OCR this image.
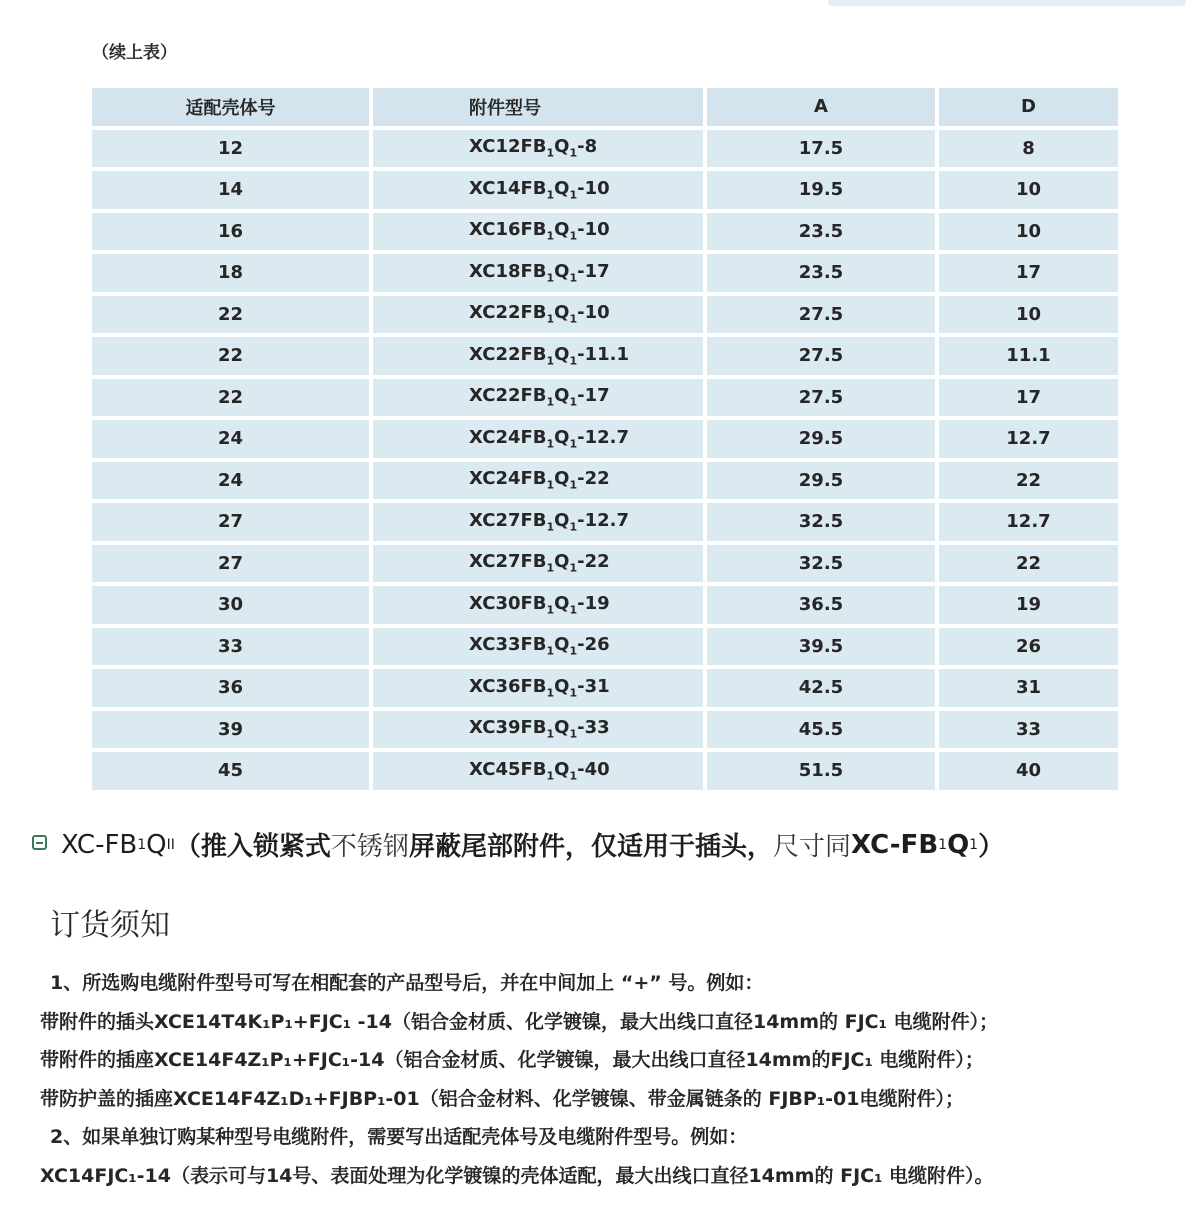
（续上表）
适配壳体号	附件型号	A	D
12	$XC12FB_1Q_1-8$	17.5	8
14	$XC14FB_1Q_1-10$	19.5	10
16	$XC16FB_1Q_1-10$	23.5	10
18	$XC18FB_1Q_1-17$	23.5	17
22	$XC22FB_1Q_1-10$	27.5	10
22	$XC22FB_1Q_1-11.1$	27.5	11.1
22	$XC22FB_1Q_1-17$	27.5	17
24	$XC24FB_1Q_1-12.7$	29.5	12.7
24	$XC24FB_1Q_1-22$	29.5	22
27	$XC27FB_1Q_1-12.7$	32.5	12.7
27	$XC27FB_1Q_1-22$	32.5	22
30	$XC30FB_1Q_1-19$	36.5	19
33	$XC33FB_1Q_1-26$	39.5	26
36	$XC36FB_1Q_1-31$	42.5	31
39	$XC39FB_1Q_1-33$	45.5	33
45	$XC45FB_1Q_1-40$	51.5	40
XC-FB 1 Q II （推入锁紧式 不锈钢 屏蔽尾部附件，仅适用于插头， 尺寸同 XC-FB 1 Q 1 ）
订货须知
1、所选购电缆附件型号可写在相配套的产品型号后，并在中间加上 “+” 号。例如：
带附件的插头XCE14T4K₁P₁+FJC₁ -14（铝合金材质、化学镀镍，最大出线口直径14mm的 FJC₁ 电缆附件）；
带附件的插座XCE14F4Z₁P₁+FJC₁-14（铝合金材质、化学镀镍，最大出线口直径14mm的FJC₁ 电缆附件）；
带防护盖的插座XCE14F4Z₁D₁+FJBP₁-01（铝合金材料、化学镀镍、带金属链条的 FJBP₁-01电缆附件）；
2、如果单独订购某种型号电缆附件，需要写出适配壳体号及电缆附件型号。例如：
XC14FJC₁-14（表示可与14号、表面处理为化学镀镍的壳体适配，最大出线口直径14mm的 FJC₁ 电缆附件）。
